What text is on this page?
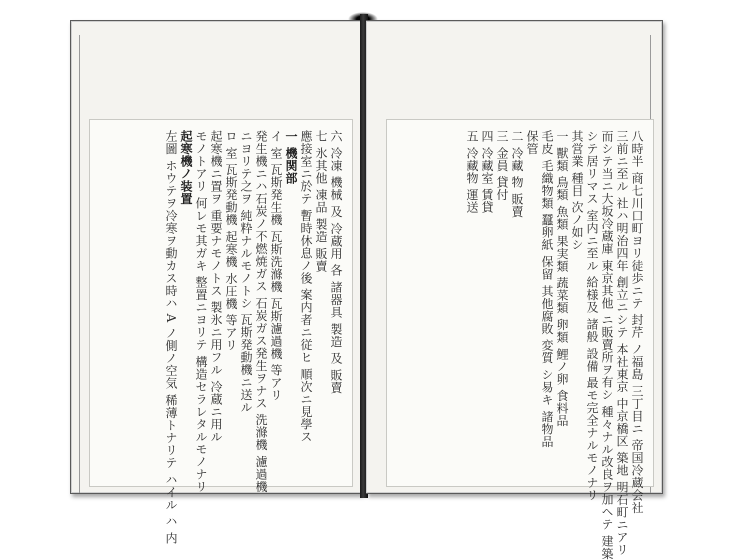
六 冷凍 機械 及 冷蔵用 各 諸器具 製造 及 販賣
七 氷其他 凍品 製造 販賣
應接室ニ於テ 暫時休息ノ後 案内者ニ従ヒ 順次ニ見學ス
一 機関部
イ 室 瓦斯発生機 瓦斯洗滌機 瓦斯濾過機 等アリ
発生機ニハ石炭ノ不燃焼ガス 石炭ガス発生ヲナス 洗滌機 濾過機
ニヨリテ之ヲ 純粋ナルモノトシ 瓦斯発動機ニ送ル
ロ 室 瓦斯発動機 起寒機 水圧機 等アリ
起寒機ニ置ヲ 重要ナモノトス 製氷ニ用フル 冷蔵ニ用ル
モノトアリ 何レモ其ガキ 整置ニヨリテ 構造セラレタルモノナリ
起寒機ノ装置
左圖 ホウテヲ冷寒ヲ動カス時ハ A ノ側ノ空気 稀薄トナリテ ハイル ハ 内	八時半 商七川口町ヨリ徒歩ニテ 封芹 ノ福島 三丁目ニ 帝国冷蔵会社
三前ニ至ル 社ハ明治四年 創立ニシテ 本社東京 中京橋区 築地 明石町ニアリ
而シテ当ニ大坂冷蔵庫 東京其他 ニ販賣所ヲ有シ 種々ナル改良ヲ加ヘテ 建築
シテ居リマス 室内ニ至ル 給様及 諸般 設備 最モ完全ナルモノナリ
其営業 種目 次ノ如シ
一 獸類 鳥類 魚類 果実類 蔬菜類 卵類 鯉ノ卵 食料品
毛皮 毛織物類 蠶卵紙 保留 其他腐敗 変質 シ易キ 諸物品
保管
二 冷藏 物 販賣
三 金員 貸付
四 冷藏室 賃貸
五 冷藏物 運送
